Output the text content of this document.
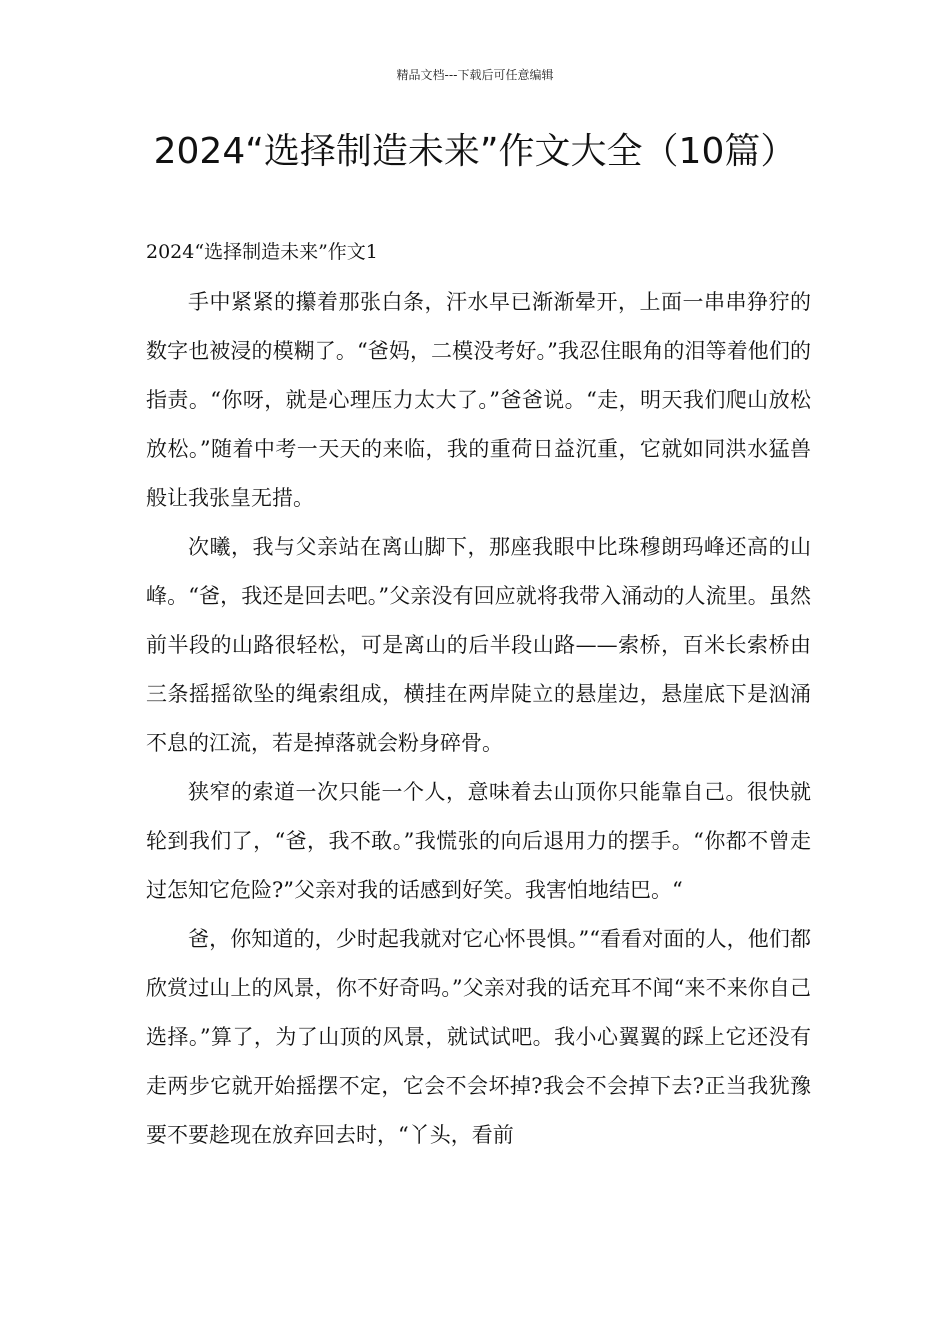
精品文档---下载后可任意编辑
2024“选择制造未来”作文大全（10篇）
2024“选择制造未来”作文1

手中紧紧的攥着那张白条，汗水早已渐渐晕开，上面一串串狰狞的数字也被浸的模糊了。“爸妈，二模没考好。”我忍住眼角的泪等着他们的指责。“你呀，就是心理压力太大了。”爸爸说。“走，明天我们爬山放松放松。”随着中考一天天的来临，我的重荷日益沉重，它就如同洪水猛兽般让我张皇无措。

次曦，我与父亲站在离山脚下，那座我眼中比珠穆朗玛峰还高的山峰。“爸，我还是回去吧。”父亲没有回应就将我带入涌动的人流里。虽然前半段的山路很轻松，可是离山的后半段山路——索桥，百米长索桥由三条摇摇欲坠的绳索组成，横挂在两岸陡立的悬崖边，悬崖底下是汹涌不息的江流，若是掉落就会粉身碎骨。

狭窄的索道一次只能一个人，意味着去山顶你只能靠自己。很快就轮到我们了，“爸，我不敢。”我慌张的向后退用力的摆手。“你都不曾走过怎知它危险?”父亲对我的话感到好笑。我害怕地结巴。“

爸，你知道的，少时起我就对它心怀畏惧。”“看看对面的人，他们都欣赏过山上的风景，你不好奇吗。”父亲对我的话充耳不闻“来不来你自己选择。”算了，为了山顶的风景，就试试吧。我小心翼翼的踩上它还没有走两步它就开始摇摆不定，它会不会坏掉?我会不会掉下去?正当我犹豫要不要趁现在放弃回去时，“丫头，看前
